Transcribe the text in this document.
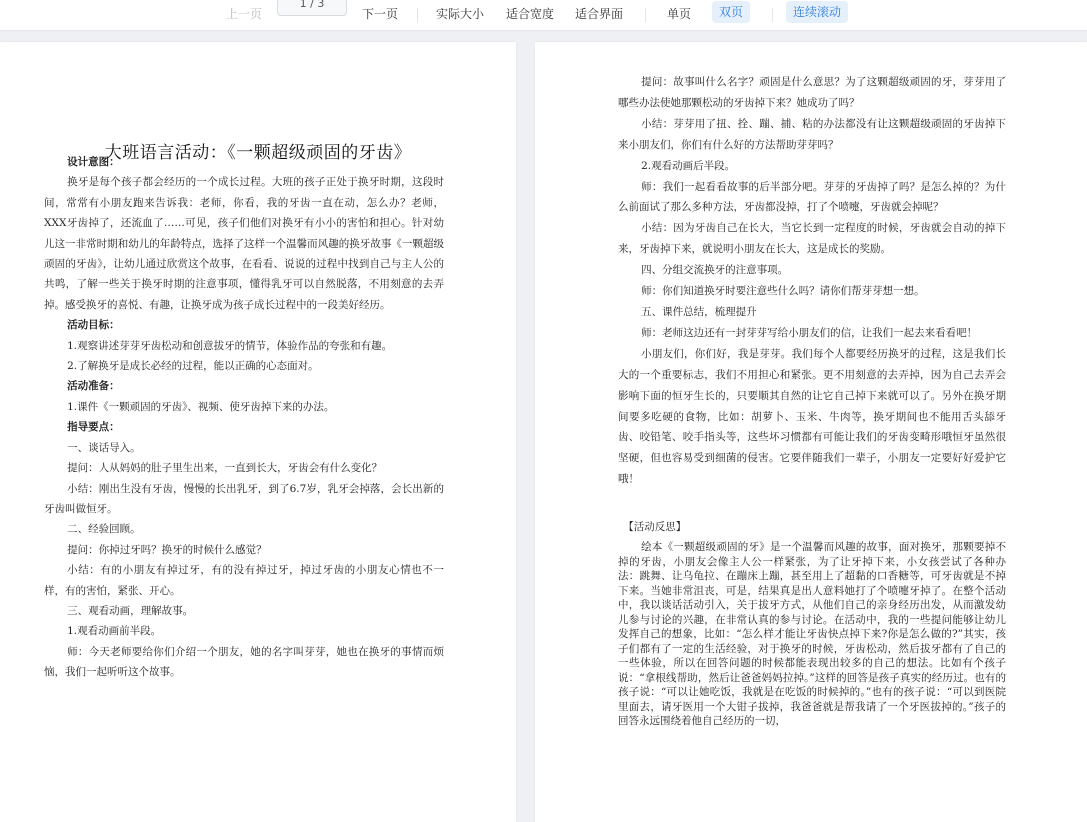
上一页
1 / 3
下一页	实际大小 适合宽度 适合界面	单页	双页	连续滚动
大班语言活动：《一颗超级顽固的牙齿》

设计意图：

换牙是每个孩子都会经历的一个成长过程。大班的孩子正处于换牙时期，这段时间，常常有小朋友跑来告诉我：老师，你看，我的牙齿一直在动，怎么办？老师，XXX牙齿掉了，还流血了……可见，孩子们他们对换牙有小小的害怕和担心。针对幼儿这一非常时期和幼儿的年龄特点，选择了这样一个温馨而风趣的换牙故事《一颗超级顽固的牙齿》，让幼儿通过欣赏这个故事，在看看、说说的过程中找到自己与主人公的共鸣，了解一些关于换牙时期的注意事项，懂得乳牙可以自然脱落，不用刻意的去弄掉。感受换牙的喜悦、有趣，让换牙成为孩子成长过程中的一段美好经历。

活动目标：

1.观察讲述芽芽牙齿松动和创意拔牙的情节，体验作品的夸张和有趣。

2.了解换牙是成长必经的过程，能以正确的心态面对。

活动准备：

1.课件《一颗顽固的牙齿》、视频、使牙齿掉下来的办法。

指导要点：

一、谈话导入。

提问：人从妈妈的肚子里生出来，一直到长大，牙齿会有什么变化？

小结：刚出生没有牙齿，慢慢的长出乳牙，到了6.7岁，乳牙会掉落，会长出新的牙齿叫做恒牙。

二、经验回顾。

提问：你掉过牙吗？换牙的时候什么感觉？

小结：有的小朋友有掉过牙，有的没有掉过牙，掉过牙齿的小朋友心情也不一样，有的害怕，紧张、开心。

三、观看动画，理解故事。

1.观看动画前半段。

师：今天老师要给你们介绍一个朋友，她的名字叫芽芽，她也在换牙的事情而烦恼，我们一起听听这个故事。

提问：故事叫什么名字？顽固是什么意思？为了这颗超级顽固的牙，芽芽用了哪些办法使她那颗松动的牙齿掉下来？她成功了吗？

小结：芽芽用了扭、拴、蹦、捕、粘的办法都没有让这颗超级顽固的牙齿掉下来小朋友们，你们有什么好的方法帮助芽芽吗？

2.观看动画后半段。

师：我们一起看看故事的后半部分吧。芽芽的牙齿掉了吗？是怎么掉的？为什么前面试了那么多种方法，牙齿都没掉，打了个喷嚏，牙齿就会掉呢？

小结：因为牙齿自己在长大，当它长到一定程度的时候，牙齿就会自动的掉下来，牙齿掉下来，就说明小朋友在长大，这是成长的奖励。

四、分组交流换牙的注意事项。

师：你们知道换牙时要注意些什么吗？请你们帮芽芽想一想。

五、课件总结，梳理提升

师：老师这边还有一封芽芽写给小朋友们的信，让我们一起去来看看吧！

小朋友们，你们好，我是芽芽。我们每个人都要经历换牙的过程，这是我们长大的一个重要标志，我们不用担心和紧张。更不用刻意的去弄掉，因为自己去弄会影响下面的恒牙生长的，只要顺其自然的让它自己掉下来就可以了。另外在换牙期间要多吃硬的食物，比如：胡萝卜、玉米、牛肉等，换牙期间也不能用舌头舔牙齿、咬铅笔、咬手指头等，这些坏习惯都有可能让我们的牙齿变畸形哦恒牙虽然很坚硬，但也容易受到细菌的侵害。它要伴随我们一辈子，小朋友一定要好好爱护它哦！

【活动反思】

绘本《一颗超级顽固的牙》是一个温馨而风趣的故事，面对换牙，那颗要掉不掉的牙齿，小朋友会像主人公一样紧张，为了让牙掉下来，小女孩尝试了各种办法：跳舞、让乌龟拉、在蹦床上蹦，甚至用上了超黏的口香糖等，可牙齿就是不掉下来。当她非常沮丧，可是，结果真是出人意料她打了个喷嚏牙掉了。在整个活动中，我以谈话活动引入，关于拔牙方式，从他们自己的亲身经历出发，从而激发幼儿参与讨论的兴趣，在非常认真的参与讨论。在活动中，我的一些提问能够让幼儿发挥自己的想象，比如：“怎么样才能让牙齿快点掉下来?你是怎么做的?”其实，孩子们都有了一定的生活经验，对于换牙的时候，牙齿松动，然后拔牙都有了自己的一些体验，所以在回答问题的时候都能表现出较多的自己的想法。比如有个孩子说：“拿根线帮助，然后让爸爸妈妈拉掉。”这样的回答是孩子真实的经历过。也有的孩子说：“可以让她吃饭，我就是在吃饭的时候掉的。”也有的孩子说：“可以到医院里面去，请牙医用一个大钳子拔掉，我爸爸就是帮我请了一个牙医拔掉的。”孩子的回答永远围绕着他自己经历的一切，
